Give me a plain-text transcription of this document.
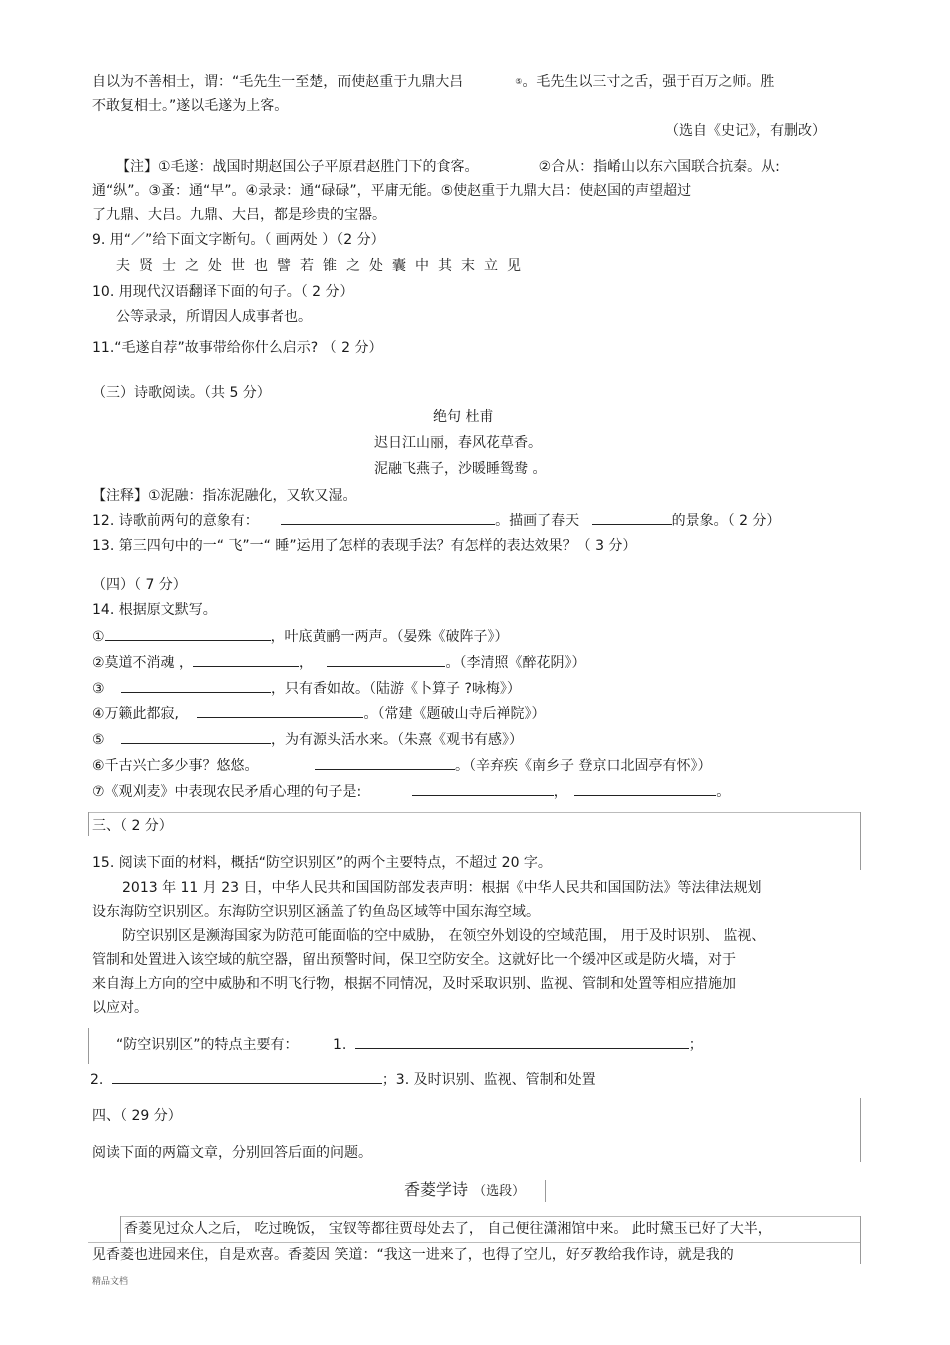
自以为不善相士，谓：“毛先生一至楚，而使赵重于九鼎大吕	⑤。毛先生以三寸之舌，强于百万之师。胜
不敢复相士。”遂以毛遂为上客。
（选自《史记》，有删改）
【注】①毛遂：战国时期赵国公子平原君赵胜门下的食客。	②合从：指崤山以东六国联合抗秦。从:
通“纵”。③蚤：通“早”。④录录：通“碌碌”，平庸无能。⑤使赵重于九鼎大吕：使赵国的声望超过
了九鼎、大吕。九鼎、大吕，都是珍贵的宝器。
9. 用“／”给下面文字断句。（ 画两处 ）（2 分）
夫贤士之处世也譬若锥之处囊中其末立见
10. 用现代汉语翻译下面的句子。（ 2 分）
公等录录，所谓因人成事者也。
11.“毛遂自荐”故事带给你什么启示? （ 2 分）
（三）诗歌阅读。（共 5 分）
绝句 杜甫
迟日江山丽，春风花草香。
泥融飞燕子，沙暖睡鸳鸯 。
【注释】①泥融：指冻泥融化，又软又湿。
12. 诗歌前两句的意象有：	。描画了春天	的景象。（ 2 分）
13. 第三四句中的一“ 飞”一“ 睡”运用了怎样的表现手法？有怎样的表达效果？（ 3 分）
（四）（ 7 分）
14. 根据原文默写。
①	，叶底黄鹂一两声。（晏殊《破阵子》）
②莫道不消魂 ，	，	。（李清照《醉花阴》）
③	，只有香如故。（陆游《卜算子 ?咏梅》）
④万籁此都寂,	。（常建《题破山寺后禅院》）
⑤	，为有源头活水来。（朱熹《观书有感》）
⑥千古兴亡多少事？悠悠。	。（辛弃疾《南乡子 登京口北固亭有怀》）
⑦《观刈麦》中表现农民矛盾心理的句子是:	，	。
三、（ 2 分）
15. 阅读下面的材料，概括“防空识别区”的两个主要特点，不超过 20 字。
2013 年 11 月 23 日，中华人民共和国国防部发表声明：根据《中华人民共和国国防法》等法律法规划
设东海防空识别区。东海防空识别区涵盖了钓鱼岛区域等中国东海空域。
防空识别区是濒海国家为防范可能面临的空中威胁， 在领空外划设的空域范围， 用于及时识别、 监视、
管制和处置进入该空域的航空器，留出预警时间，保卫空防安全。这就好比一个缓冲区或是防火墙，对于
来自海上方向的空中威胁和不明飞行物，根据不同情况，及时采取识别、监视、管制和处置等相应措施加
以应对。
“防空识别区”的特点主要有： 1.	；
2.	；3. 及时识别、监视、管制和处置
四、（ 29 分）
阅读下面的两篇文章，分别回答后面的问题。
香菱学诗 （选段）
香菱见过众人之后， 吃过晚饭， 宝钗等都往贾母处去了， 自己便往潇湘馆中来。 此时黛玉已好了大半，
见香菱也进园来住，自是欢喜。香菱因 笑道：“我这一进来了，也得了空儿，好歹教给我作诗，就是我的
精品文档
